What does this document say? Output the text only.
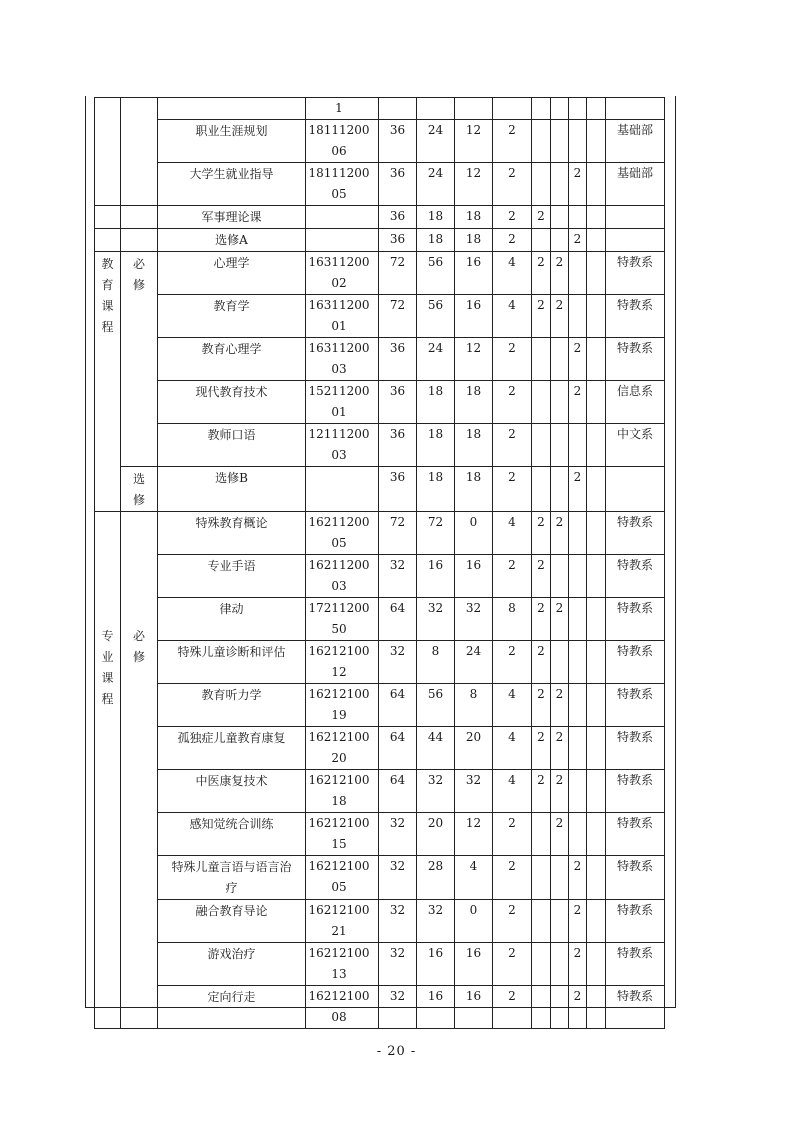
			1									

		职业生涯规划	1811120006	36	24	12	2					基础部

		大学生就业指导	1811120005	36	24	12	2			2		基础部

		军事理论课		36	18	18	2	2				

		选修A		36	18	18	2			2		

教育课程	必修	心理学	1631120002	72	56	16	4	2	2			特教系

		教育学	1631120001	72	56	16	4	2	2			特教系

		教育心理学	1631120003	36	24	12	2			2		特教系

		现代教育技术	1521120001	36	18	18	2			2		信息系

		教师口语	1211120003	36	18	18	2					中文系

	选修	选修B		36	18	18	2			2		

专业课程	必修	特殊教育概论	1621120005	72	72	0	4	2	2			特教系

		专业手语	1621120003	32	16	16	2	2				特教系

		律动	1721120050	64	32	32	8	2	2			特教系

		特殊儿童诊断和评估	1621210012	32	8	24	2	2				特教系

		教育听力学	1621210019	64	56	8	4	2	2			特教系

		孤独症儿童教育康复	1621210020	64	44	20	4	2	2			特教系

		中医康复技术	1621210018	64	32	32	4	2	2			特教系

		感知觉统合训练	1621210015	32	20	12	2		2			特教系

		特殊儿童言语与语言治疗	1621210005	32	28	4	2			2		特教系

		融合教育导论	1621210021	32	32	0	2			2		特教系

		游戏治疗	1621210013	32	16	16	2			2		特教系

		定向行走	1621210008	32	16	16	2			2		特教系
- 20 -
